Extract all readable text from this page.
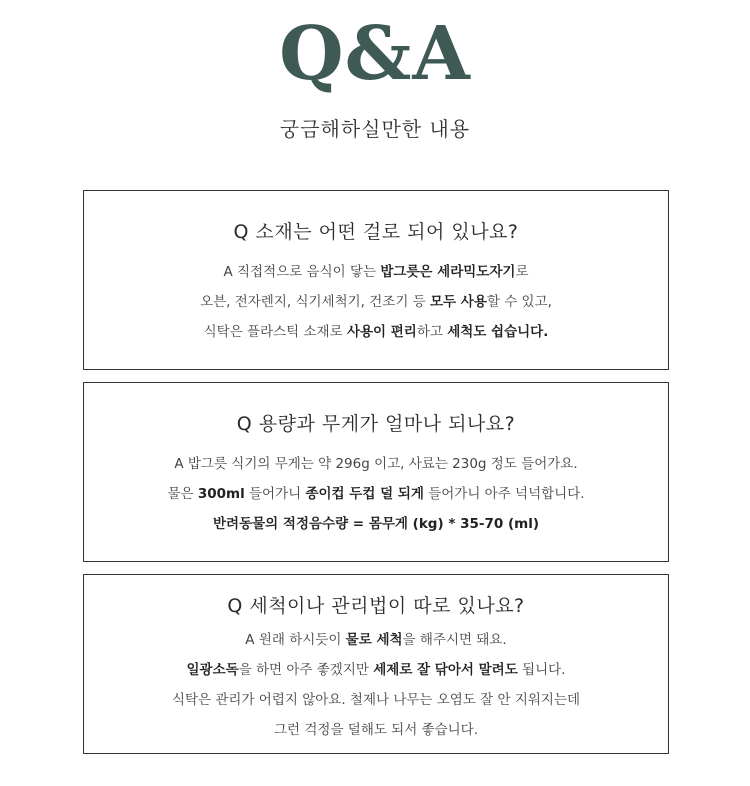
Q&A
궁금해하실만한 내용
Q 소재는 어떤 걸로 되어 있나요?
A 직접적으로 음식이 닿는 밥그릇은 세라믹도자기로
오븐, 전자렌지, 식기세척기, 건조기 등 모두 사용할 수 있고,
식탁은 플라스틱 소재로 사용이 편리하고 세척도 쉽습니다.
Q 용량과 무게가 얼마나 되나요?
A 밥그릇 식기의 무게는 약 296g 이고, 사료는 230g 정도 들어가요.
물은 300ml 들어가니 종이컵 두컵 덜 되게 들어가니 아주 넉넉합니다.
반려동물의 적정음수량 = 몸무게 (kg) * 35-70 (ml)
Q 세척이나 관리법이 따로 있나요?
A 원래 하시듯이 물로 세척을 해주시면 돼요.
일광소독을 하면 아주 좋겠지만 세제로 잘 닦아서 말려도 됩니다.
식탁은 관리가 어렵지 않아요. 철제나 나무는 오염도 잘 안 지워지는데
그런 걱정을 덜해도 되서 좋습니다.
